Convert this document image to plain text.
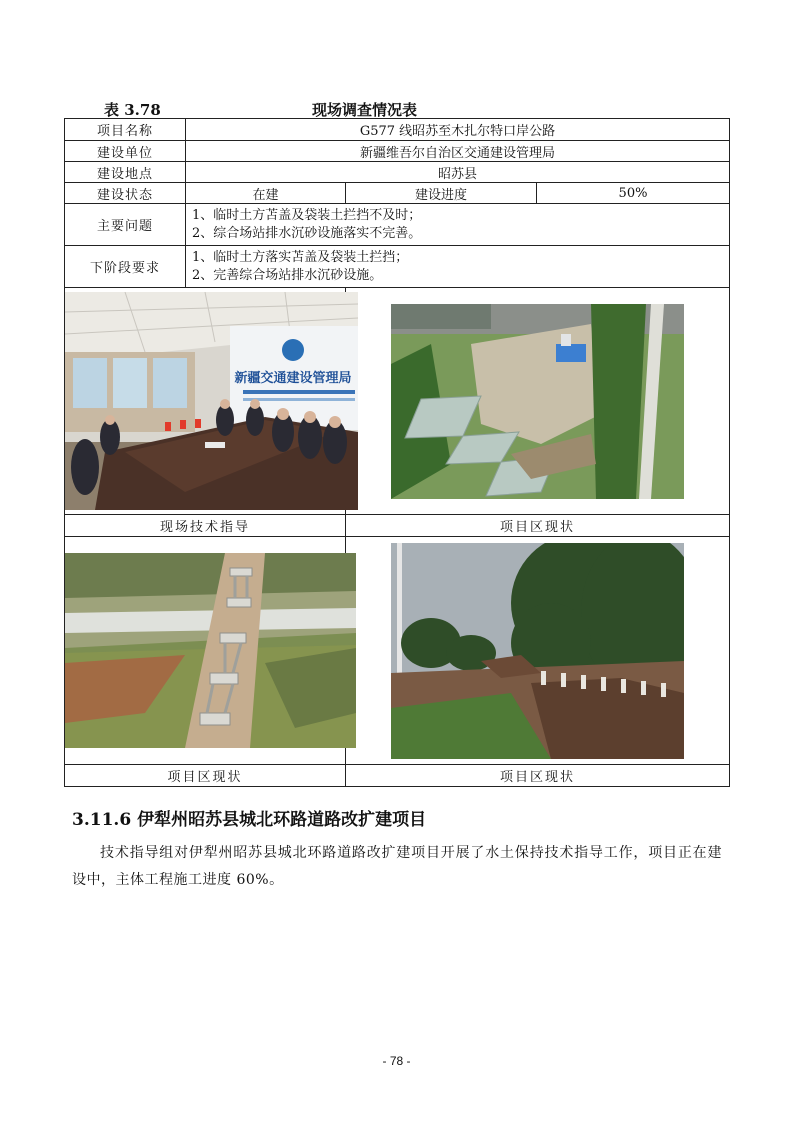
表 3.78	现场调查情况表
项目名称	G577 线昭苏至木扎尔特口岸公路		
建设单位	新疆维吾尔自治区交通建设管理局		
建设地点	昭苏县		
建设状态	在建	建设进度	50%
主要问题	1、临时土方苫盖及袋装土拦挡不及时；
2、综合场站排水沉砂设施落实不完善。		

下阶段要求	1、临时土方落实苫盖及袋装土拦挡；
2、完善综合场站排水沉砂设施。		

新疆交通建设管理局

现场技术指导		项目区现状	

项目区现状		项目区现状	
3.11.6 伊犁州昭苏县城北环路道路改扩建项目
技术指导组对伊犁州昭苏县城北环路道路改扩建项目开展了水土保持技术指导工作，项目正在建设中，主体工程施工进度 60%。
- 78 -
